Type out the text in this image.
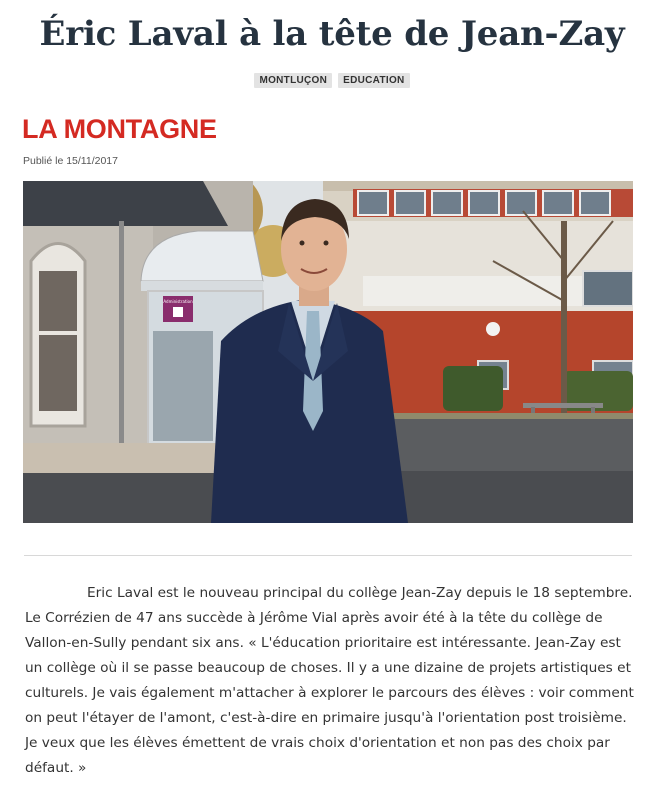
Éric Laval à la tête de Jean-Zay
MONTLUÇON	EDUCATION
LA MONTAGNE
Publié le 15/11/2017
Administration

Eric Laval est le nouveau principal du collège Jean-Zay depuis le 18 septembre. Le Corrézien de 47 ans succède à Jérôme Vial après avoir été à la tête du collège de Vallon-en-Sully pendant six ans. « L'éducation prioritaire est intéressante. Jean-Zay est un collège où il se passe beaucoup de choses. Il y a une dizaine de projets artistiques et culturels. Je vais également m'attacher à explorer le parcours des élèves : voir comment on peut l'étayer de l'amont, c'est-à-dire en primaire jusqu'à l'orientation post troisième. Je veux que les élèves émettent de vrais choix d'orientation et non pas des choix par défaut. »
